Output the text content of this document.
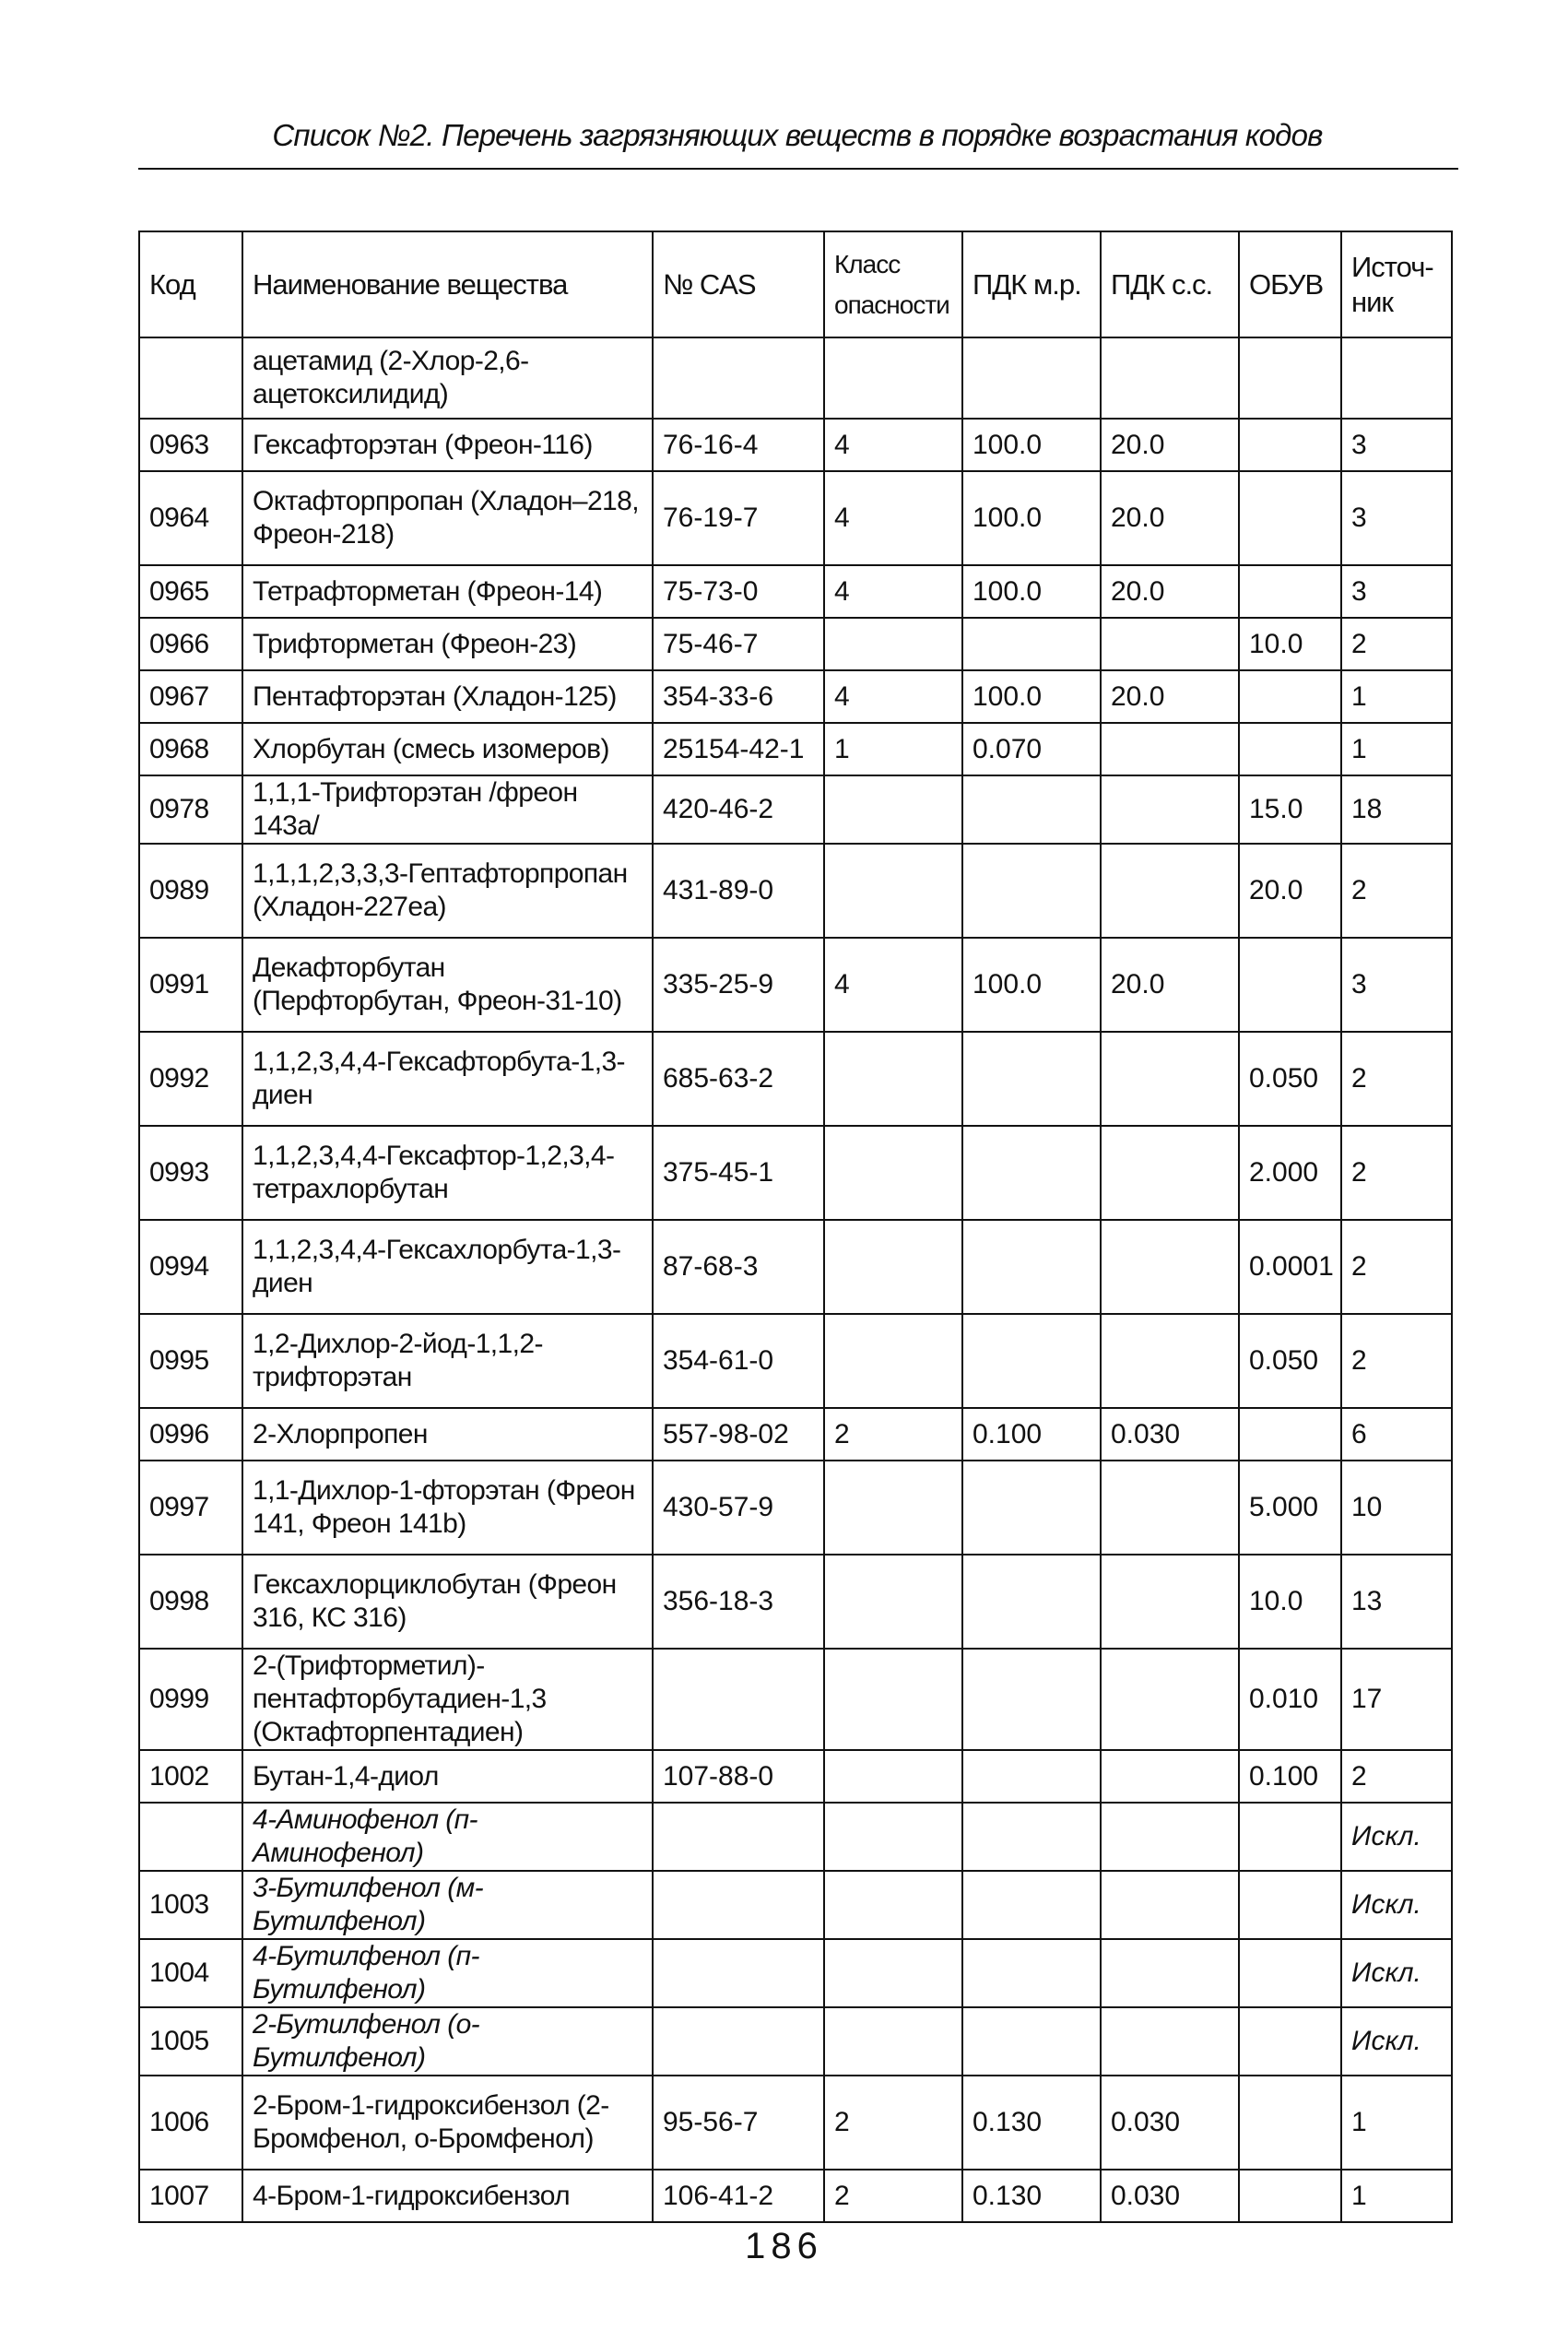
Список №2. Перечень загрязняющих веществ в порядке возрастания кодов
Код	Наименование вещества	№ CAS	Класс опасности	ПДК м.р.	ПДК с.с.	ОБУВ	Источ-ник
	ацетамид (2-Хлор-2,6-ацетоксилидид)						
0963	Гексафторэтан (Фреон-116)	76-16-4	4	100.0	20.0		3
0964	Октафторпропан (Хладон–218, Фреон-218)	76-19-7	4	100.0	20.0		3
0965	Тетрафторметан (Фреон-14)	75-73-0	4	100.0	20.0		3
0966	Трифторметан (Фреон-23)	75-46-7				10.0	2
0967	Пентафторэтан (Хладон-125)	354-33-6	4	100.0	20.0		1
0968	Хлорбутан (смесь изомеров)	25154-42-1	1	0.070			1
0978	1,1,1-Трифторэтан /фреон 143а/	420-46-2				15.0	18
0989	1,1,1,2,3,3,3-Гептафторпропан (Хладон-227еа)	431-89-0				20.0	2
0991	Декафторбутан (Перфторбутан, Фреон-31-10)	335-25-9	4	100.0	20.0		3
0992	1,1,2,3,4,4-Гексафторбута-1,3-диен	685-63-2				0.050	2
0993	1,1,2,3,4,4-Гексафтор-1,2,3,4-тетрахлорбутан	375-45-1				2.000	2
0994	1,1,2,3,4,4-Гексахлорбута-1,3-диен	87-68-3				0.0001	2
0995	1,2-Дихлор-2-йод-1,1,2-трифторэтан	354-61-0				0.050	2
0996	2-Хлорпропен	557-98-02	2	0.100	0.030		6
0997	1,1-Дихлор-1-фторэтан (Фреон 141, Фреон 141b)	430-57-9				5.000	10
0998	Гексахлорциклобутан (Фреон 316, КС 316)	356-18-3				10.0	13
0999	2-(Трифторметил)-пентафторбутадиен-1,3 (Октафторпентадиен)					0.010	17
1002	Бутан-1,4-диол	107-88-0				0.100	2
	4-Аминофенол (п-Аминофенол)						Искл.
1003	3-Бутилфенол (м-Бутилфенол)						Искл.
1004	4-Бутилфенол (п-Бутилфенол)						Искл.
1005	2-Бутилфенол (о-Бутилфенол)						Искл.
1006	2-Бром-1-гидроксибензол (2-Бромфенол, о-Бромфенол)	95-56-7	2	0.130	0.030		1
1007	4-Бром-1-гидроксибензол	106-41-2	2	0.130	0.030		1
186
